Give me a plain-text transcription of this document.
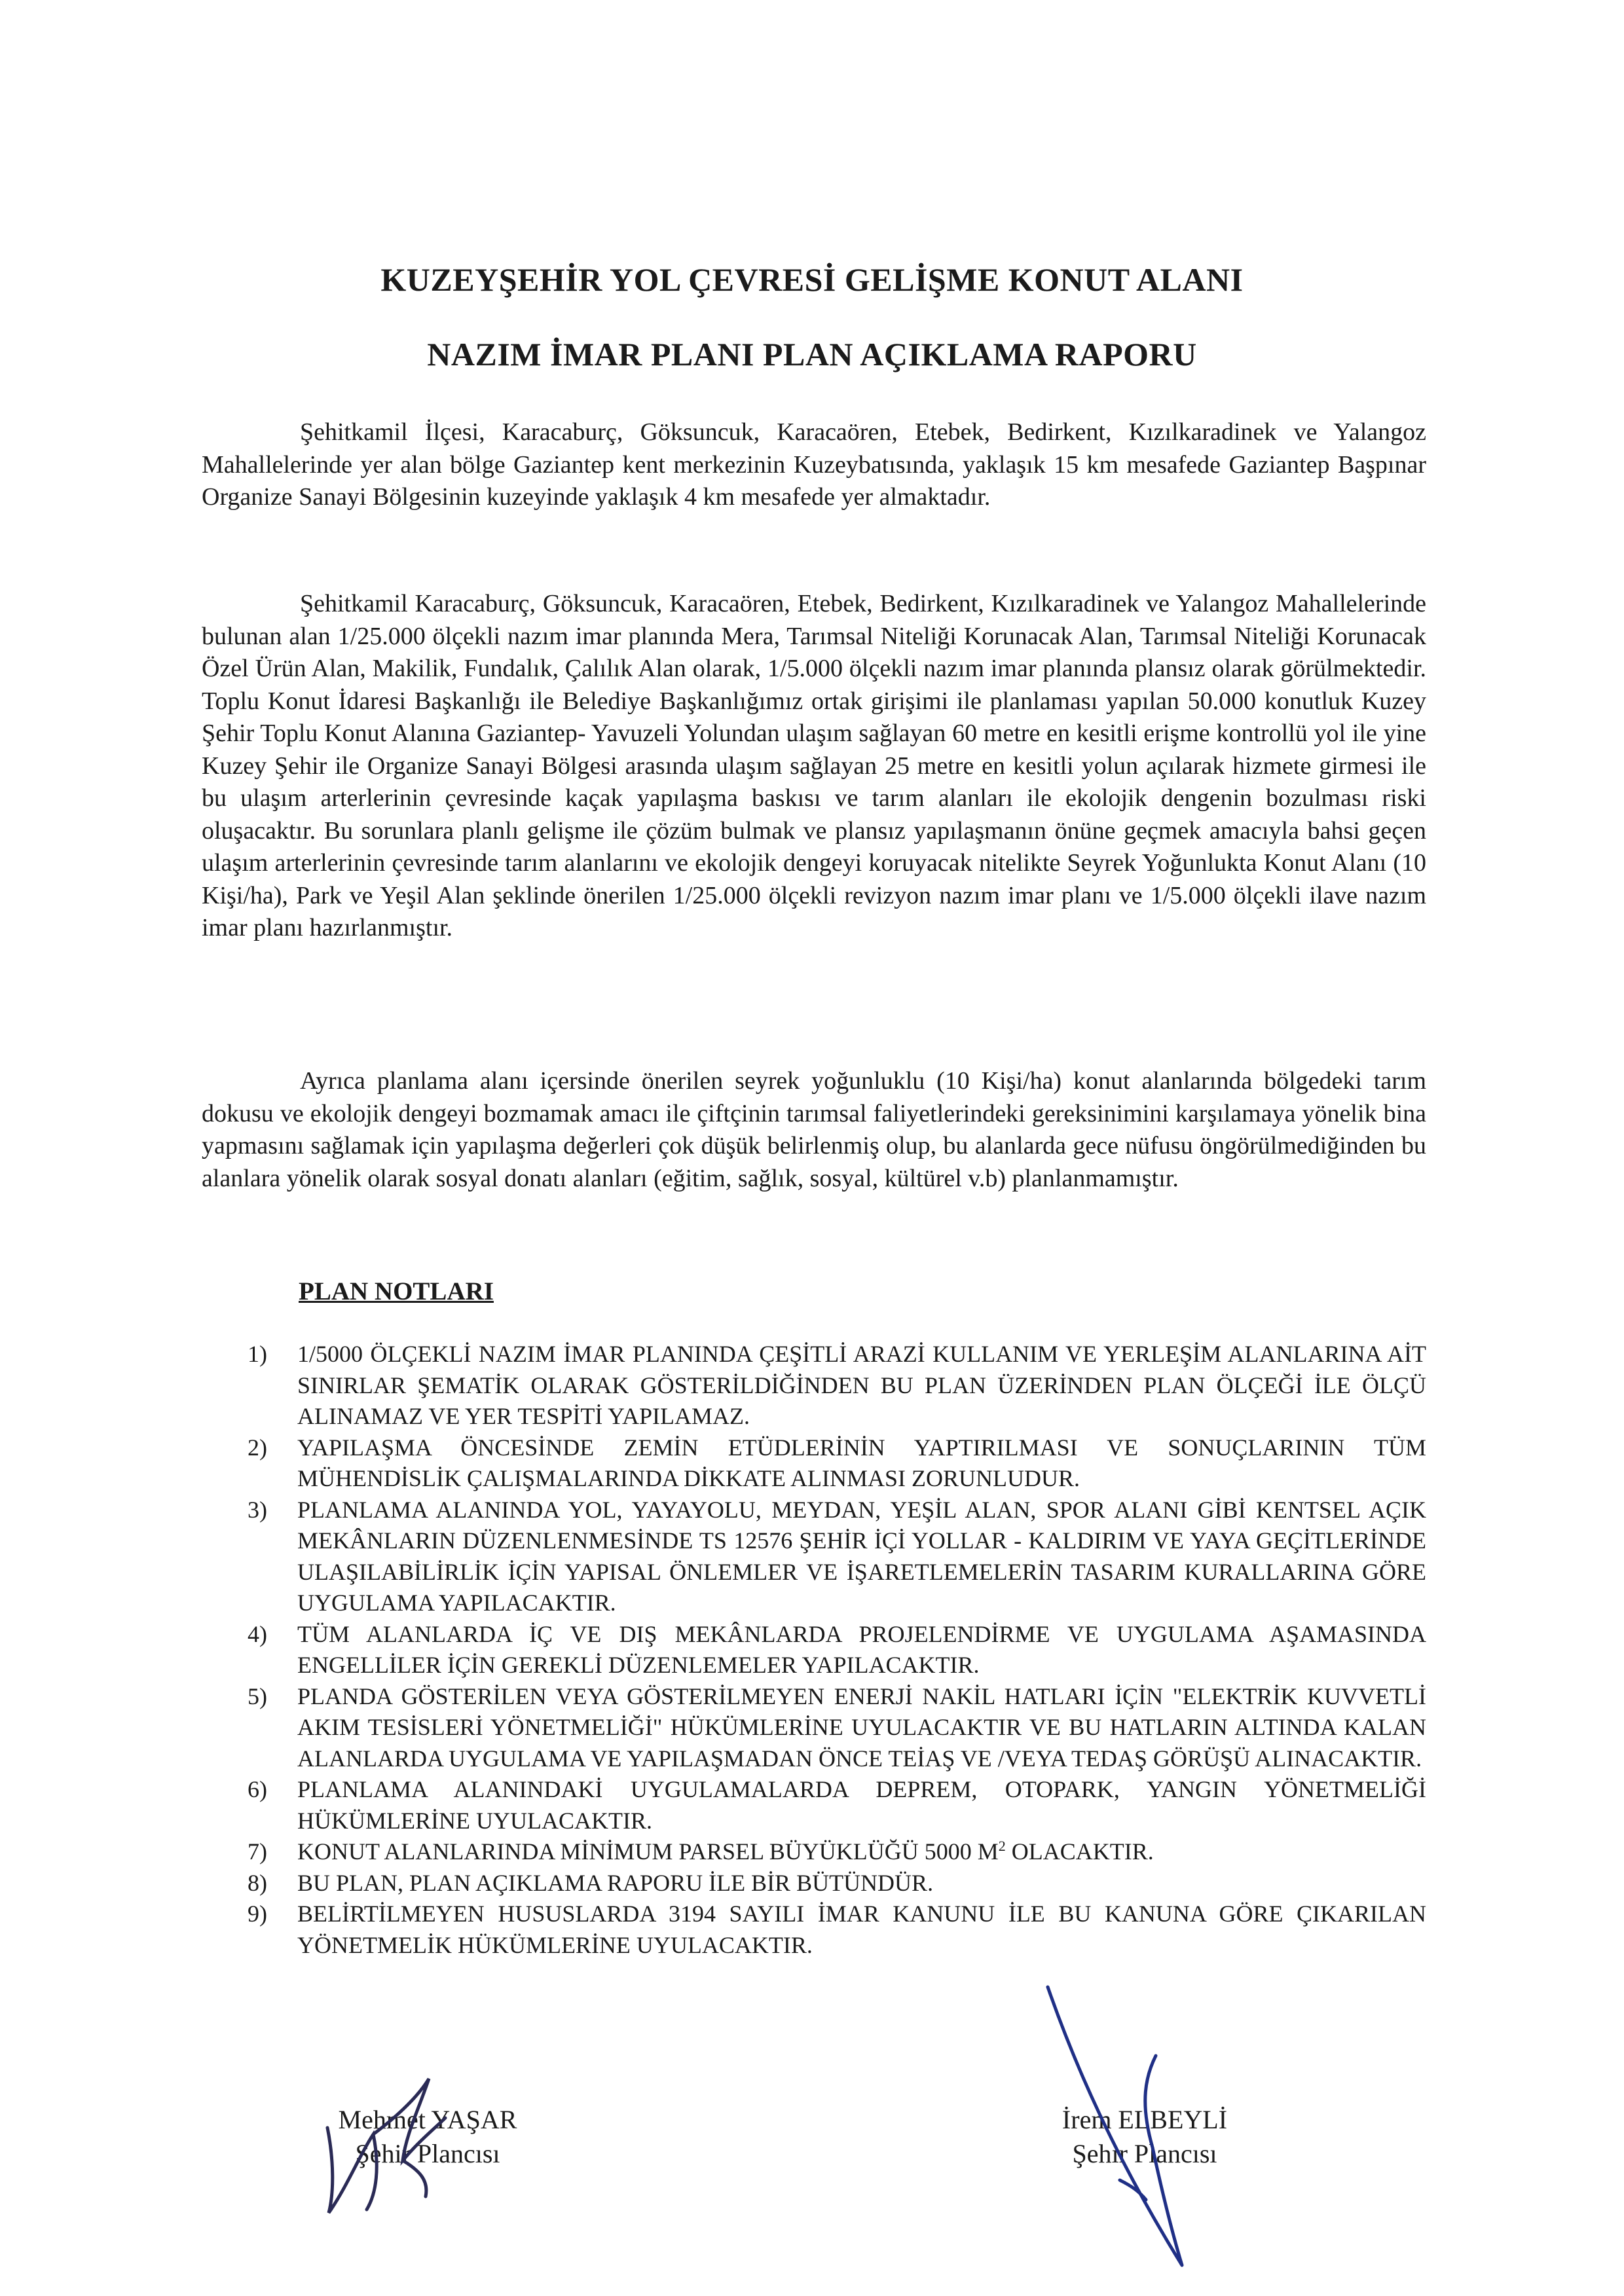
KUZEYŞEHİR YOL ÇEVRESİ GELİŞME KONUT ALANI
NAZIM İMAR PLANI PLAN AÇIKLAMA RAPORU

Şehitkamil İlçesi, Karacaburç, Göksuncuk, Karacaören, Etebek, Bedirkent, Kızılkaradinek ve Yalangoz Mahallelerinde yer alan bölge Gaziantep kent merkezinin Kuzeybatısında, yaklaşık 15 km mesafede Gaziantep Başpınar Organize Sanayi Bölgesinin kuzeyinde yaklaşık 4 km mesafede yer almaktadır.

Şehitkamil Karacaburç, Göksuncuk, Karacaören, Etebek, Bedirkent, Kızılkaradinek ve Yalangoz Mahallelerinde bulunan alan 1/25.000 ölçekli nazım imar planında Mera, Tarımsal Niteliği Korunacak Alan, Tarımsal Niteliği Korunacak Özel Ürün Alan, Makilik, Fundalık, Çalılık Alan olarak, 1/5.000 ölçekli nazım imar planında plansız olarak görülmektedir. Toplu Konut İdaresi Başkanlığı ile Belediye Başkanlığımız ortak girişimi ile planlaması yapılan 50.000 konutluk Kuzey Şehir Toplu Konut Alanına Gaziantep- Yavuzeli Yolundan ulaşım sağlayan 60 metre en kesitli erişme kontrollü yol ile yine Kuzey Şehir ile Organize Sanayi Bölgesi arasında ulaşım sağlayan 25 metre en kesitli yolun açılarak hizmete girmesi ile bu ulaşım arterlerinin çevresinde kaçak yapılaşma baskısı ve tarım alanları ile ekolojik dengenin bozulması riski oluşacaktır. Bu sorunlara planlı gelişme ile çözüm bulmak ve plansız yapılaşmanın önüne geçmek amacıyla bahsi geçen ulaşım arterlerinin çevresinde tarım alanlarını ve ekolojik dengeyi koruyacak nitelikte Seyrek Yoğunlukta Konut Alanı (10 Kişi/ha), Park ve Yeşil Alan şeklinde önerilen 1/25.000 ölçekli revizyon nazım imar planı ve 1/5.000 ölçekli ilave nazım imar planı hazırlanmıştır.

Ayrıca planlama alanı içersinde önerilen seyrek yoğunluklu (10 Kişi/ha) konut alanlarında bölgedeki tarım dokusu ve ekolojik dengeyi bozmamak amacı ile çiftçinin tarımsal faliyetlerindeki gereksinimini karşılamaya yönelik bina yapmasını sağlamak için yapılaşma değerleri çok düşük belirlenmiş olup, bu alanlarda gece nüfusu öngörülmediğinden bu alanlara yönelik olarak sosyal donatı alanları (eğitim, sağlık, sosyal, kültürel v.b) planlanmamıştır.

PLAN NOTLARI
1) 1/5000 ÖLÇEKLİ NAZIM İMAR PLANINDA ÇEŞİTLİ ARAZİ KULLANIM VE YERLEŞİM ALANLARINA AİT SINIRLAR ŞEMATİK OLARAK GÖSTERİLDİĞİNDEN BU PLAN ÜZERİNDEN PLAN ÖLÇEĞİ İLE ÖLÇÜ ALINAMAZ VE YER TESPİTİ YAPILAMAZ.
2) YAPILAŞMA ÖNCESİNDE ZEMİN ETÜDLERİNİN YAPTIRILMASI VE SONUÇLARININ TÜM MÜHENDİSLİK ÇALIŞMALARINDA DİKKATE ALINMASI ZORUNLUDUR.
3) PLANLAMA ALANINDA YOL, YAYAYOLU, MEYDAN, YEŞİL ALAN, SPOR ALANI GİBİ KENTSEL AÇIK MEKÂNLARIN DÜZENLENMESİNDE TS 12576 ŞEHİR İÇİ YOLLAR - KALDIRIM VE YAYA GEÇİTLERİNDE ULAŞILABİLİRLİK İÇİN YAPISAL ÖNLEMLER VE İŞARETLEMELERİN TASARIM KURALLARINA GÖRE UYGULAMA YAPILACAKTIR.
4) TÜM ALANLARDA İÇ VE DIŞ MEKÂNLARDA PROJELENDİRME VE UYGULAMA AŞAMASINDA ENGELLİLER İÇİN GEREKLİ DÜZENLEMELER YAPILACAKTIR.
5) PLANDA GÖSTERİLEN VEYA GÖSTERİLMEYEN ENERJİ NAKİL HATLARI İÇİN "ELEKTRİK KUVVETLİ AKIM TESİSLERİ YÖNETMELİĞİ" HÜKÜMLERİNE UYULACAKTIR VE BU HATLARIN ALTINDA KALAN ALANLARDA UYGULAMA VE YAPILAŞMADAN ÖNCE TEİAŞ VE /VEYA TEDAŞ GÖRÜŞÜ ALINACAKTIR.
6) PLANLAMA ALANINDAKİ UYGULAMALARDA DEPREM, OTOPARK, YANGIN YÖNETMELİĞİ HÜKÜMLERİNE UYULACAKTIR.
7) KONUT ALANLARINDA MİNİMUM PARSEL BÜYÜKLÜĞÜ 5000 $M^2$ OLACAKTIR.
8) BU PLAN, PLAN AÇIKLAMA RAPORU İLE BİR BÜTÜNDÜR.
9) BELİRTİLMEYEN HUSUSLARDA 3194 SAYILI İMAR KANUNU İLE BU KANUNA GÖRE ÇIKARILAN YÖNETMELİK HÜKÜMLERİNE UYULACAKTIR.
Mehmet YAŞAR
Şehir Plancısı
İrem ELBEYLİ
Şehir Plancısı
